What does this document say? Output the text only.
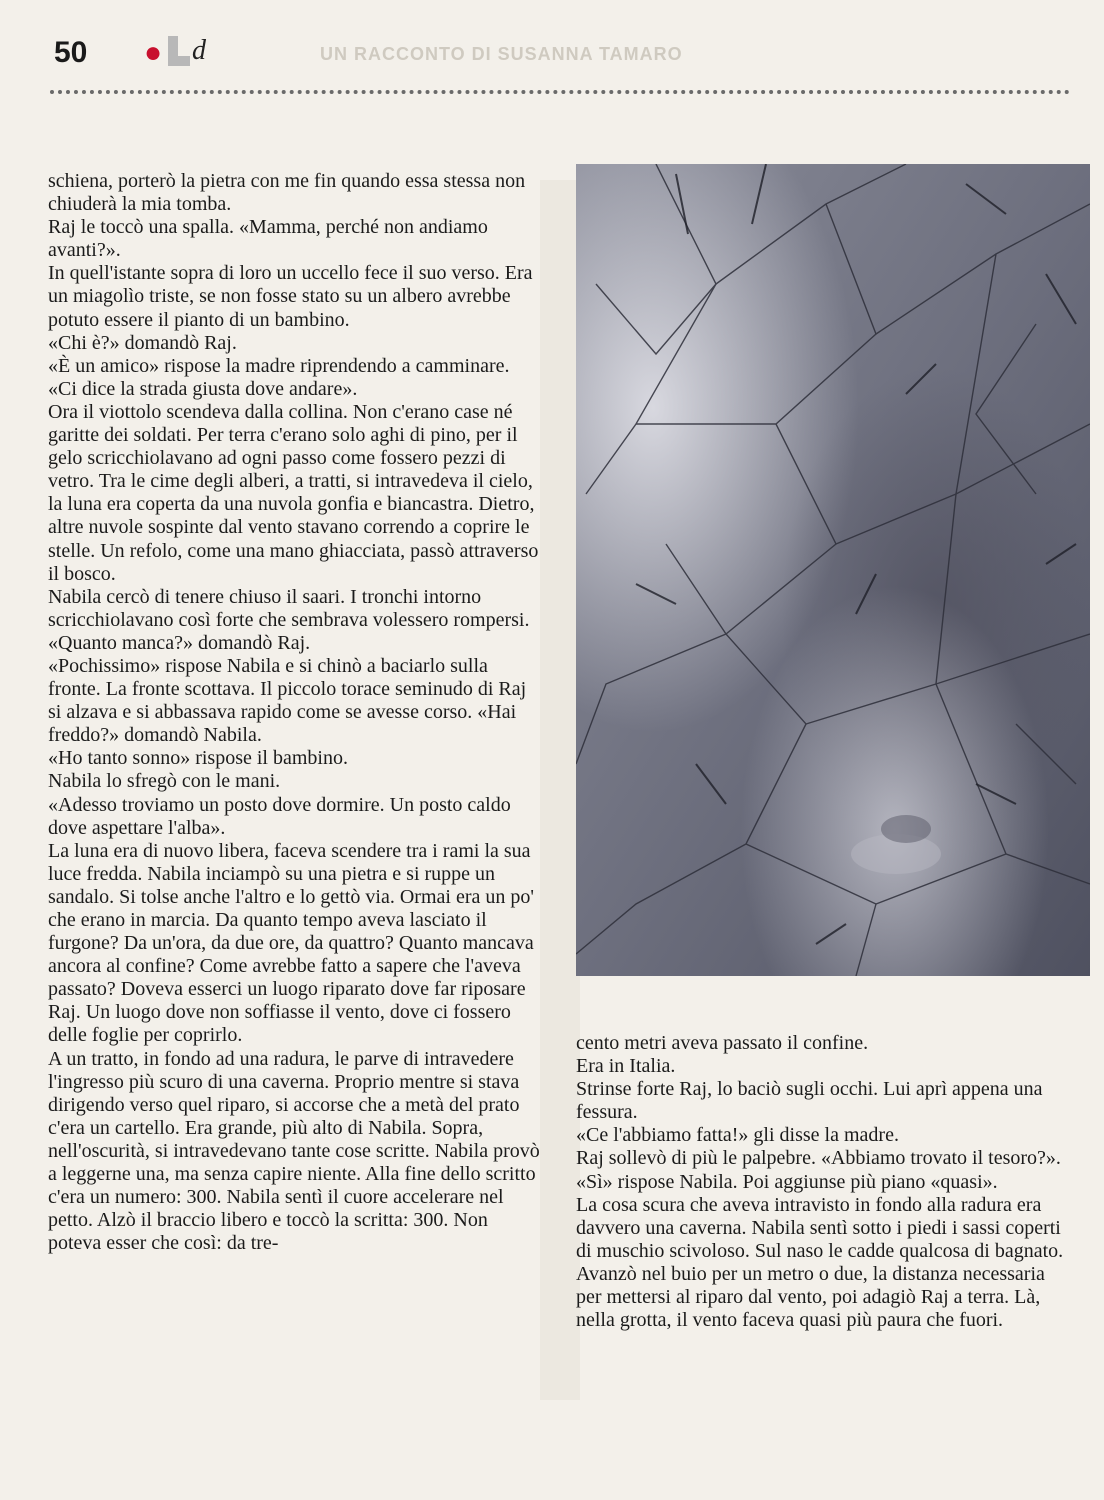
50 ● d	UN RACCONTO DI SUSANNA TAMARO

schiena, porterò la pietra con me fin quando essa stessa non chiuderà la mia tomba.

Raj le toccò una spalla. «Mamma, perché non andiamo avanti?».

In quell'istante sopra di loro un uccello fece il suo verso. Era un miagolìo triste, se non fosse stato su un albero avrebbe potuto essere il pianto di un bambino.

«Chi è?» domandò Raj.

«È un amico» rispose la madre riprendendo a camminare. «Ci dice la strada giusta dove andare».

Ora il viottolo scendeva dalla collina. Non c'erano case né garitte dei soldati. Per terra c'erano solo aghi di pino, per il gelo scricchiolavano ad ogni passo come fossero pezzi di vetro. Tra le cime degli alberi, a tratti, si intravedeva il cielo, la luna era coperta da una nuvola gonfia e biancastra. Dietro, altre nuvole sospinte dal vento stavano correndo a coprire le stelle. Un refolo, come una mano ghiacciata, passò attraverso il bosco.

Nabila cercò di tenere chiuso il saari. I tronchi intorno scricchiolavano così forte che sembrava volessero rompersi.

«Quanto manca?» domandò Raj.

«Pochissimo» rispose Nabila e si chinò a baciarlo sulla fronte. La fronte scottava. Il piccolo torace seminudo di Raj si alzava e si abbassava rapido come se avesse corso. «Hai freddo?» domandò Nabila.

«Ho tanto sonno» rispose il bambino.

Nabila lo sfregò con le mani.

«Adesso troviamo un posto dove dormire. Un posto caldo dove aspettare l'alba».

La luna era di nuovo libera, faceva scendere tra i rami la sua luce fredda. Nabila inciampò su una pietra e si ruppe un sandalo. Si tolse anche l'altro e lo gettò via. Ormai era un po' che erano in marcia. Da quanto tempo aveva lasciato il furgone? Da un'ora, da due ore, da quattro? Quanto mancava ancora al confine? Come avrebbe fatto a sapere che l'aveva passato? Doveva esserci un luogo riparato dove far riposare Raj. Un luogo dove non soffiasse il vento, dove ci fossero delle foglie per coprirlo.

A un tratto, in fondo ad una radura, le parve di intravedere l'ingresso più scuro di una caverna. Proprio mentre si stava dirigendo verso quel riparo, si accorse che a metà del prato c'era un cartello. Era grande, più alto di Nabila. Sopra, nell'oscurità, si intravedevano tante cose scritte. Nabila provò a leggerne una, ma senza capire niente. Alla fine dello scritto c'era un numero: 300. Nabila sentì il cuore accelerare nel petto. Alzò il braccio libero e toccò la scritta: 300. Non poteva esser che così: da tre-

cento metri aveva passato il confine.

Era in Italia.

Strinse forte Raj, lo baciò sugli occhi. Lui aprì appena una fessura.

«Ce l'abbiamo fatta!» gli disse la madre.

Raj sollevò di più le palpebre. «Abbiamo trovato il tesoro?».

«Sì» rispose Nabila. Poi aggiunse più piano «quasi».

La cosa scura che aveva intravisto in fondo alla radura era davvero una caverna. Nabila sentì sotto i piedi i sassi coperti di muschio scivoloso. Sul naso le cadde qualcosa di bagnato. Avanzò nel buio per un metro o due, la distanza necessaria per mettersi al riparo dal vento, poi adagiò Raj a terra. Là, nella grotta, il vento faceva quasi più paura che fuori.
